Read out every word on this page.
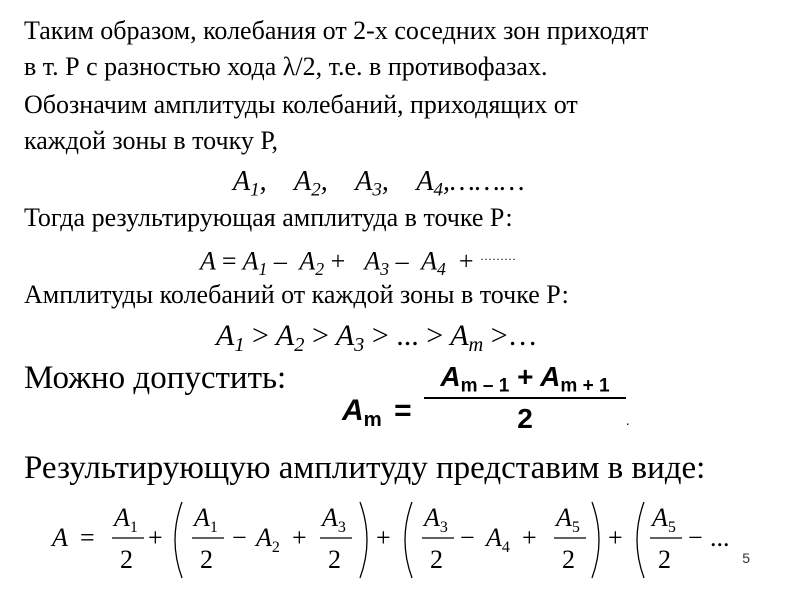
Таким образом, колебания от 2-х соседних зон приходят
в т. Р с разностью хода λ/2, т.е. в противофазах.
Обозначим амплитуды колебаний, приходящих от
каждой зоны в точку Р,
$A_1$,    $A_2$,    $A_3$,    $A_4,\dots\dots\dots$
Тогда результирующая амплитуда в точке Р:
$A = A_1 - A_2 + A_3 - A_4 + ^{\dots\dots\dots}$
Амплитуды колебаний от каждой зоны в точке Р:
$A_1 > A_2 > A_3$ > ... > $A_m$ >…
Можно допустить:
$A_m$ =
$A_{m - 1} + A_{m + 1}$
2	.
Результирующую амплитуду представим в виде:
A =
$A_1$
2
+
$A_1$
2
− $A_2$ +
$A_3$
2
+
$A_3$
2
− $A_4$ +
$A_5$
2
+
$A_5$
2
− ...
5
